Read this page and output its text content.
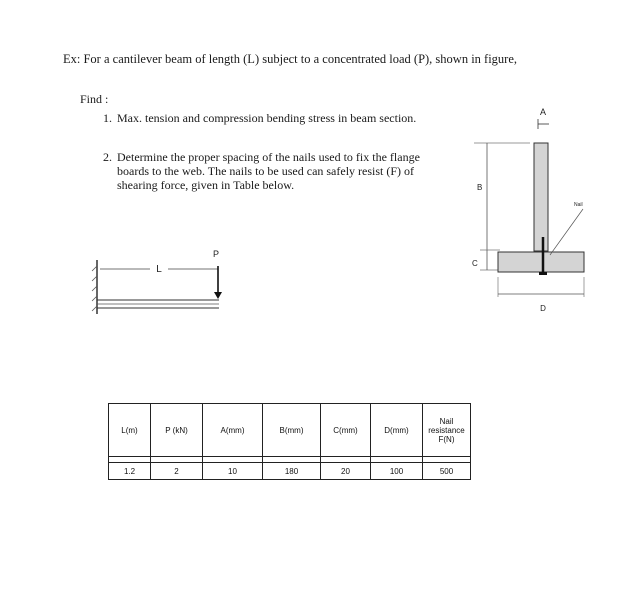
Ex: For a cantilever beam of length (L) subject to a concentrated load (P), shown in figure,
Find :
1. Max. tension and compression bending stress in beam section.
2. Determine the proper spacing of the nails used to fix the flange boards to the web. The nails to be used can safely resist (F) of shearing force, given in Table below.
L
P
A
B
C
Nail
D
L(m)	P (kN)	A(mm)	B(mm)	C(mm)	D(mm)	Nail resistance F(N)

1.2	2	10	180	20	100	500
